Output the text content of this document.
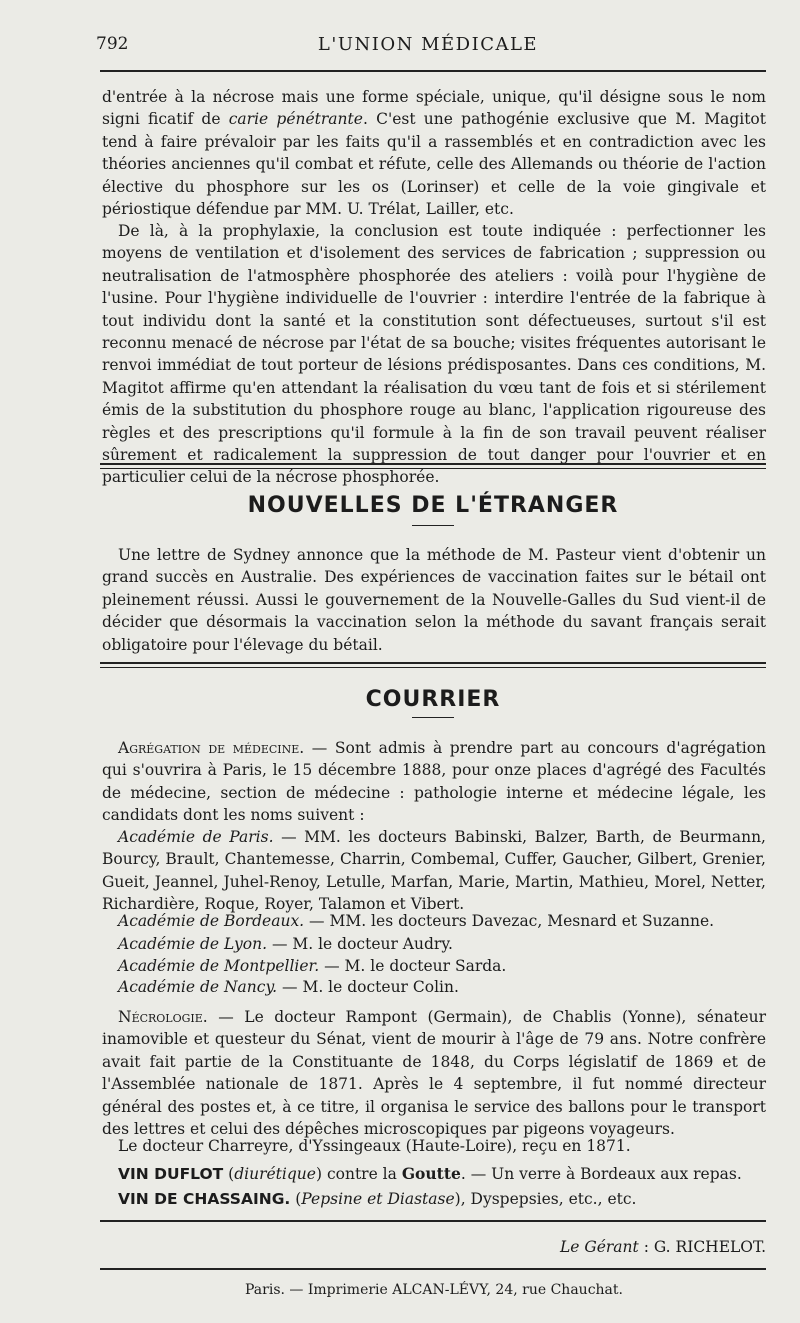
792	L'UNION MÉDICALE

d'entrée à la nécrose mais une forme spéciale, unique, qu'il désigne sous le nom signi ficatif de carie pénétrante. C'est une pathogénie exclusive que M. Magitot tend à faire prévaloir par les faits qu'il a rassemblés et en contradiction avec les théories anciennes qu'il combat et réfute, celle des Allemands ou théorie de l'action élective du phosphore sur les os (Lorinser) et celle de la voie gingivale et périostique défendue par MM. U. Trélat, Lailler, etc.

De là, à la prophylaxie, la conclusion est toute indiquée : perfectionner les moyens de ventilation et d'isolement des services de fabrication ; suppression ou neutralisation de l'atmosphère phosphorée des ateliers : voilà pour l'hygiène de l'usine. Pour l'hygiène individuelle de l'ouvrier : interdire l'entrée de la fabrique à tout individu dont la santé et la constitution sont défectueuses, surtout s'il est reconnu menacé de nécrose par l'état de sa bouche; visites fréquentes autorisant le renvoi immédiat de tout porteur de lésions prédisposantes. Dans ces conditions, M. Magitot affirme qu'en attendant la réalisation du vœu tant de fois et si stérilement émis de la substitution du phosphore rouge au blanc, l'application rigoureuse des règles et des prescriptions qu'il formule à la fin de son travail peuvent réaliser sûrement et radicalement la suppression de tout danger pour l'ouvrier et en particulier celui de la nécrose phosphorée.

NOUVELLES DE L'ÉTRANGER

Une lettre de Sydney annonce que la méthode de M. Pasteur vient d'obtenir un grand succès en Australie. Des expériences de vaccination faites sur le bétail ont pleinement réussi. Aussi le gouvernement de la Nouvelle-Galles du Sud vient-il de décider que désormais la vaccination selon la méthode du savant français serait obligatoire pour l'élevage du bétail.

COURRIER

Agrégation de médecine. — Sont admis à prendre part au concours d'agrégation qui s'ouvrira à Paris, le 15 décembre 1888, pour onze places d'agrégé des Facultés de médecine, section de médecine : pathologie interne et médecine légale, les candidats dont les noms suivent :

Académie de Paris. — MM. les docteurs Babinski, Balzer, Barth, de Beurmann, Bourcy, Brault, Chantemesse, Charrin, Combemal, Cuffer, Gaucher, Gilbert, Grenier, Gueit, Jeannel, Juhel-Renoy, Letulle, Marfan, Marie, Martin, Mathieu, Morel, Netter, Richardière, Roque, Royer, Talamon et Vibert.

Académie de Bordeaux. — MM. les docteurs Davezac, Mesnard et Suzanne.

Académie de Lyon. — M. le docteur Audry.

Académie de Montpellier. — M. le docteur Sarda.

Académie de Nancy. — M. le docteur Colin.

Nécrologie. — Le docteur Rampont (Germain), de Chablis (Yonne), sénateur inamovible et questeur du Sénat, vient de mourir à l'âge de 79 ans. Notre confrère avait fait partie de la Constituante de 1848, du Corps législatif de 1869 et de l'Assemblée nationale de 1871. Après le 4 septembre, il fut nommé directeur général des postes et, à ce titre, il organisa le service des ballons pour le transport des lettres et celui des dépêches microscopiques par pigeons voyageurs.

Le docteur Charreyre, d'Yssingeaux (Haute-Loire), reçu en 1871.

VIN DUFLOT (diurétique) contre la Goutte. — Un verre à Bordeaux aux repas.

VIN DE CHASSAING. (Pepsine et Diastase), Dyspepsies, etc., etc.

Le Gérant : G. RICHELOT.
Paris. — Imprimerie ALCAN-LÉVY, 24, rue Chauchat.
